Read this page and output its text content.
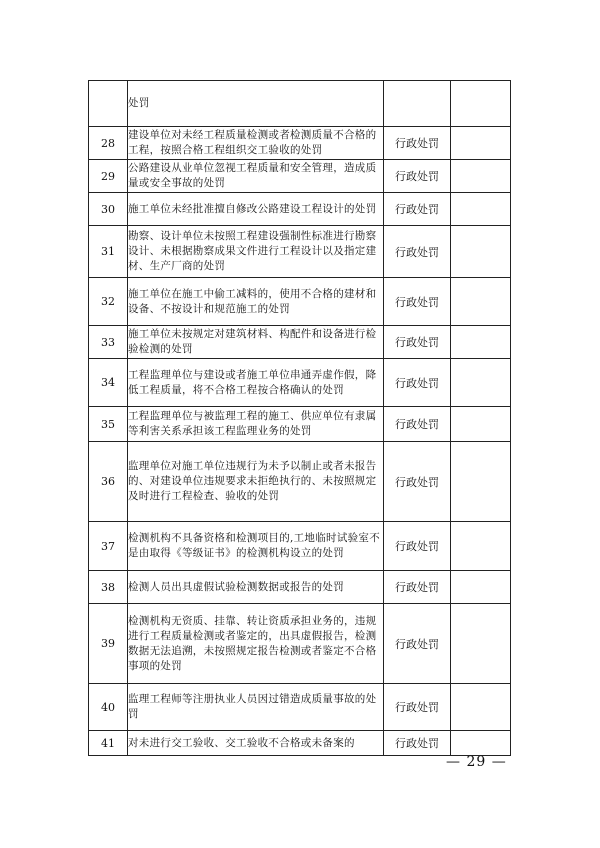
	处罚		
28	建设单位对未经工程质量检测或者检测质量不合格的工程，按照合格工程组织交工验收的处罚	行政处罚	
29	公路建设从业单位忽视工程质量和安全管理，造成质量或安全事故的处罚	行政处罚	
30	施工单位未经批准擅自修改公路建设工程设计的处罚	行政处罚	
31	勘察、设计单位未按照工程建设强制性标准进行勘察设计、未根据勘察成果文件进行工程设计以及指定建材、生产厂商的处罚	行政处罚	
32	施工单位在施工中偷工减料的，使用不合格的建材和设备、不按设计和规范施工的处罚	行政处罚	
33	施工单位未按规定对建筑材料、构配件和设备进行检验检测的处罚	行政处罚	
34	工程监理单位与建设或者施工单位串通弄虚作假，降低工程质量，将不合格工程按合格确认的处罚	行政处罚	
35	工程监理单位与被监理工程的施工、供应单位有隶属等利害关系承担该工程监理业务的处罚	行政处罚	
36	监理单位对施工单位违规行为未予以制止或者未报告的、对建设单位违规要求未拒绝执行的、未按照规定及时进行工程检查、验收的处罚	行政处罚	
37	检测机构不具备资格和检测项目的,工地临时试验室不是由取得《等级证书》的检测机构设立的处罚	行政处罚	
38	检测人员出具虚假试验检测数据或报告的处罚	行政处罚	
39	检测机构无资质、挂靠、转让资质承担业务的，违规进行工程质量检测或者鉴定的，出具虚假报告，检测数据无法追溯，未按照规定报告检测或者鉴定不合格事项的处罚	行政处罚	
40	监理工程师等注册执业人员因过错造成质量事故的处罚	行政处罚	
41	对未进行交工验收、交工验收不合格或未备案的	行政处罚	
— 29 —
